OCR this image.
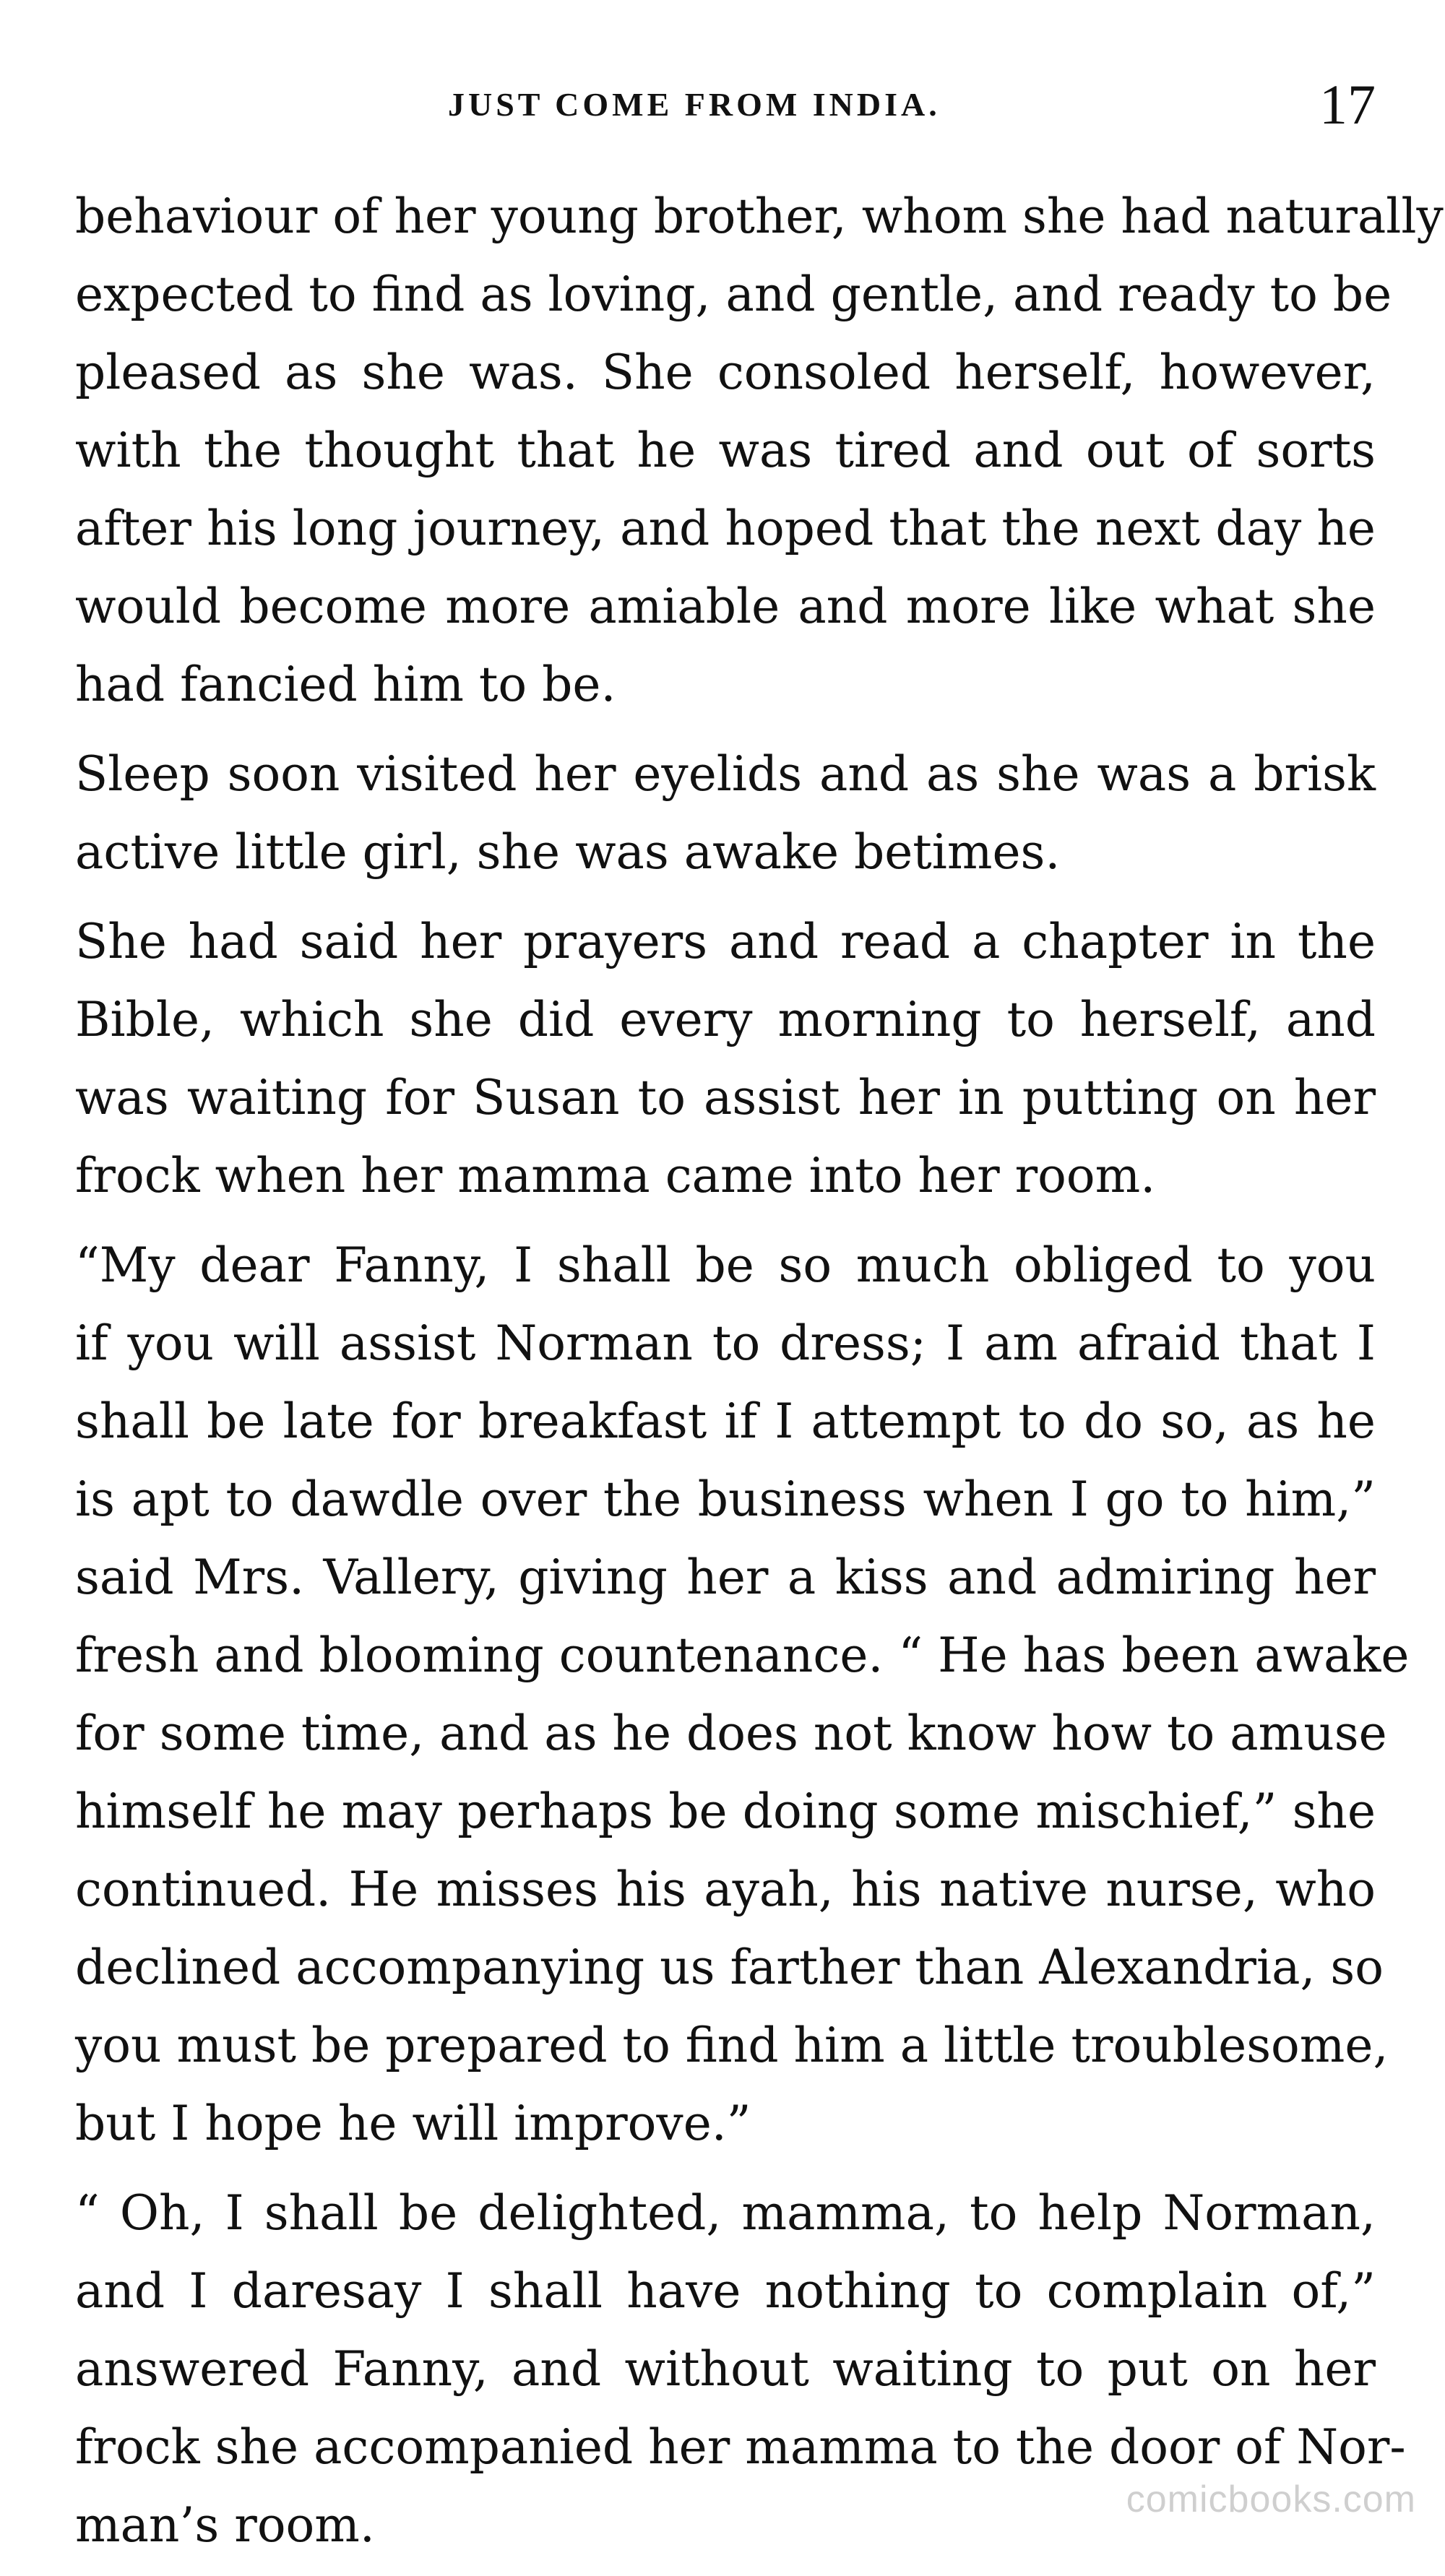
JUST COME FROM INDIA.	17
behaviour of her young brother, whom she had naturally
expected to find as loving, and gentle, and ready to be
pleased as she was. She consoled herself, however,
with the thought that he was tired and out of sorts
after his long journey, and hoped that the next day he
would become more amiable and more like what she
had fancied him to be.
Sleep soon visited her eyelids and as she was a brisk
active little girl, she was awake betimes.
She had said her prayers and read a chapter in the
Bible, which she did every morning to herself, and
was waiting for Susan to assist her in putting on her
frock when her mamma came into her room.
“My dear Fanny, I shall be so much obliged to you
if you will assist Norman to dress; I am afraid that I
shall be late for breakfast if I attempt to do so, as he
is apt to dawdle over the business when I go to him,”
said Mrs. Vallery, giving her a kiss and admiring her
fresh and blooming countenance. “ He has been awake
for some time, and as he does not know how to amuse
himself he may perhaps be doing some mischief,” she
continued. He misses his ayah, his native nurse, who
declined accompanying us farther than Alexandria, so
you must be prepared to find him a little troublesome,
but I hope he will improve.”
“ Oh, I shall be delighted, mamma, to help Norman,
and I daresay I shall have nothing to complain of,”
answered Fanny, and without waiting to put on her
frock she accompanied her mamma to the door of Nor-
man’s room.	comicbooks.com
